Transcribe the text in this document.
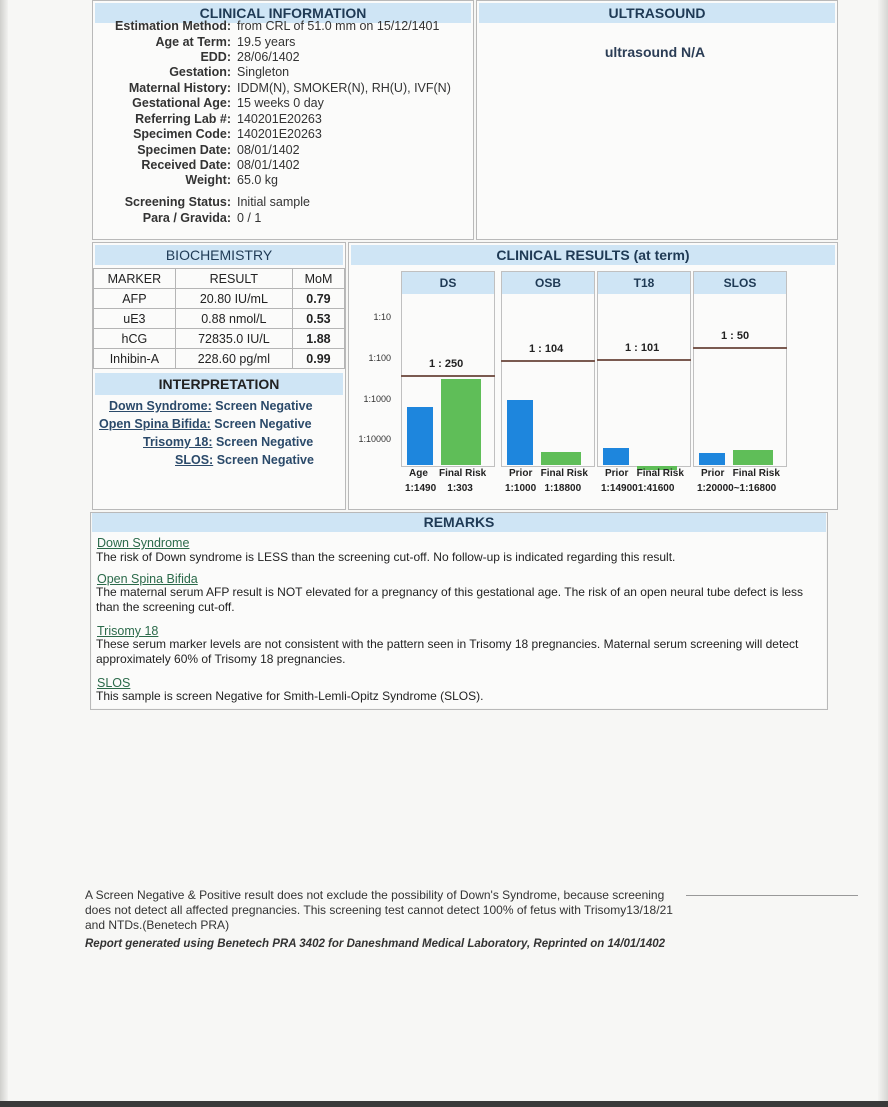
CLINICAL INFORMATION
Estimation Method: from CRL of 51.0 mm on 15/12/1401
Age at Term: 19.5 years
EDD: 28/06/1402
Gestation: Singleton
Maternal History: IDDM(N), SMOKER(N), RH(U), IVF(N)
Gestational Age: 15 weeks 0 day
Referring Lab #: 140201E20263
Specimen Code: 140201E20263
Specimen Date: 08/01/1402
Received Date: 08/01/1402
Weight: 65.0 kg
Screening Status: Initial sample
Para / Gravida: 0 / 1
ULTRASOUND
ultrasound N/A
BIOCHEMISTRY
MARKER	RESULT	MoM
AFP	20.80 IU/mL	0.79
uE3	0.88 nmol/L	0.53
hCG	72835.0 IU/L	1.88
Inhibin-A	228.60 pg/ml	0.99
INTERPRETATION
Down Syndrome: Screen Negative
Open Spina Bifida: Screen Negative
Trisomy 18: Screen Negative
SLOS: Screen Negative
CLINICAL RESULTS (at term)
1:10
1:100
1:1000
1:10000
DS
1 : 250
Age    Final Risk
1:1490    1:303
OSB
1 : 104
Prior   Final Risk
1:1000   1:18800
T18
1 : 101
Prior   Final Risk
1:149001:41600
SLOS
1 : 50
Prior   Final Risk
1:20000~1:16800
REMARKS
Down Syndrome
The risk of Down syndrome is LESS than the screening cut-off. No follow-up is indicated regarding this result.
Open Spina Bifida
The maternal serum AFP result is NOT elevated for a pregnancy of this gestational age. The risk of an open neural tube defect is less than the screening cut-off.
Trisomy 18
These serum marker levels are not consistent with the pattern seen in Trisomy 18 pregnancies. Maternal serum screening will detect approximately 60% of Trisomy 18 pregnancies.
SLOS
This sample is screen Negative for Smith-Lemli-Opitz Syndrome (SLOS).
A Screen Negative & Positive result does not exclude the possibility of Down's Syndrome, because screening does not detect all affected pregnancies. This screening test cannot detect 100% of fetus with Trisomy13/18/21 and NTDs.(Benetech PRA)
Report generated using Benetech PRA 3402 for Daneshmand Medical Laboratory, Reprinted on 14/01/1402
